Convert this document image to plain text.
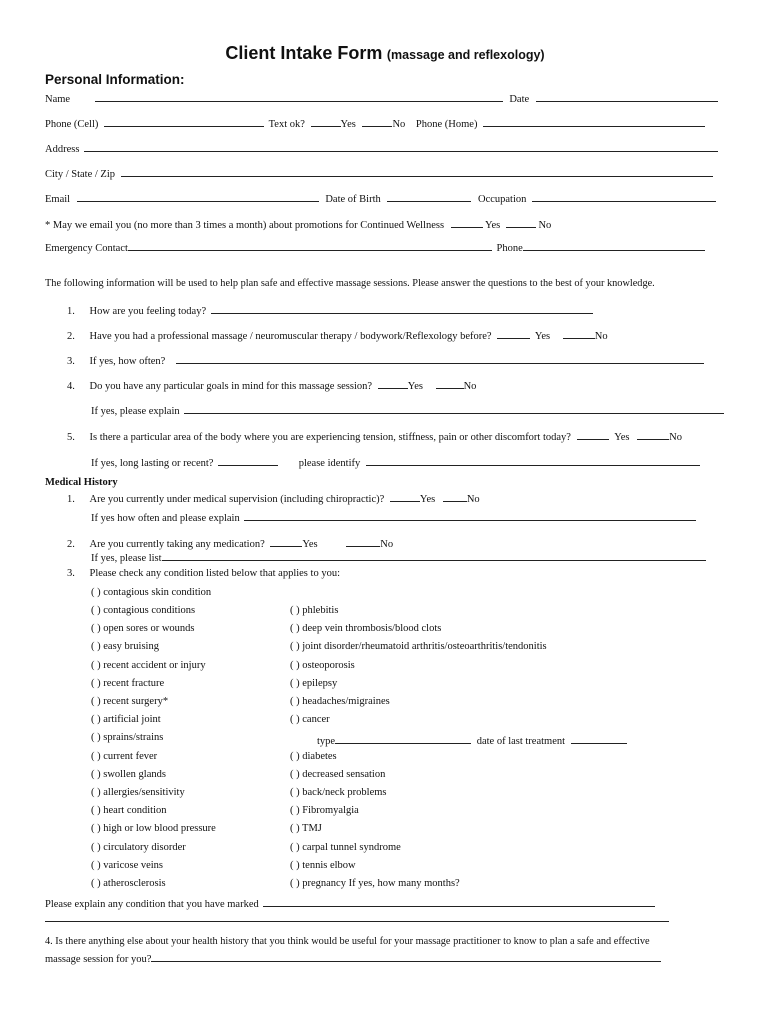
Client Intake Form (massage and reflexology)
Personal Information:
Name	Date
Phone (Cell)	Text ok?	Yes	No Phone (Home)
Address
City / State / Zip
Email	Date of Birth	Occupation
* May we email you (no more than 3 times a month) about promotions for Continued Wellness	Yes	No
Emergency Contact	Phone
The following information will be used to help plan safe and effective massage sessions. Please answer the questions to the best of your knowledge.
1. How are you feeling today?
2. Have you had a professional massage / neuromuscular therapy / bodywork/Reflexology before?	Yes	No
3. If yes, how often?
4. Do you have any particular goals in mind for this massage session?	Yes	No
If yes, please explain
5. Is there a particular area of the body where you are experiencing tension, stiffness, pain or other discomfort today?	Yes	No
If yes, long lasting or recent?	please identify
Medical History
1. Are you currently under medical supervision (including chiropractic)?	Yes	No
If yes how often and please explain
2. Are you currently taking any medication?	Yes	No
If yes, please list
3. Please check any condition listed below that applies to you:
( ) contagious skin condition
( ) contagious conditions
( ) open sores or wounds
( ) easy bruising
( ) recent accident or injury
( ) recent fracture
( ) recent surgery*
( ) artificial joint
( ) sprains/strains
( ) current fever
( ) swollen glands
( ) allergies/sensitivity
( ) heart condition
( ) high or low blood pressure
( ) circulatory disorder
( ) varicose veins
( ) atherosclerosis
( ) phlebitis
( ) deep vein thrombosis/blood clots
( ) joint disorder/rheumatoid arthritis/osteoarthritis/tendonitis
( ) osteoporosis
( ) epilepsy
( ) headaches/migraines
( ) cancer
( ) diabetes
( ) decreased sensation
( ) back/neck problems
( ) Fibromyalgia
( ) TMJ
( ) carpal tunnel syndrome
( ) tennis elbow
( ) pregnancy If yes, how many months?
type	date of last treatment
Please explain any condition that you have marked
4. Is there anything else about your health history that you think would be useful for your massage practitioner to know to plan a safe and effective
massage session for you?
